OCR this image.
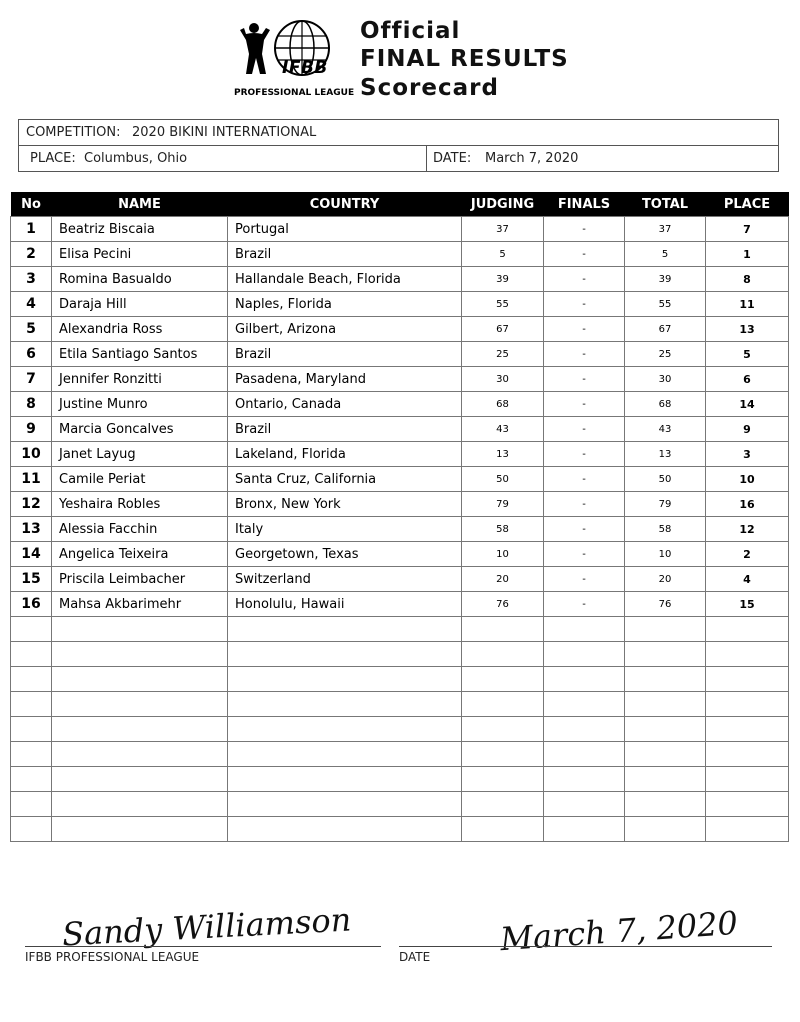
IFBB
PROFESSIONAL LEAGUE
Official
FINAL RESULTS
Scorecard
COMPETITION: 2020 BIKINI INTERNATIONAL
PLACE: Columbus, Ohio	DATE: March 7, 2020
No	NAME	COUNTRY	JUDGING	FINALS	TOTAL	PLACE
1	Beatriz Biscaia	Portugal	37	-	37	7
2	Elisa Pecini	Brazil	5	-	5	1
3	Romina Basualdo	Hallandale Beach, Florida	39	-	39	8
4	Daraja Hill	Naples, Florida	55	-	55	11
5	Alexandria Ross	Gilbert, Arizona	67	-	67	13
6	Etila Santiago Santos	Brazil	25	-	25	5
7	Jennifer Ronzitti	Pasadena, Maryland	30	-	30	6
8	Justine Munro	Ontario, Canada	68	-	68	14
9	Marcia Goncalves	Brazil	43	-	43	9
10	Janet Layug	Lakeland, Florida	13	-	13	3
11	Camile Periat	Santa Cruz, California	50	-	50	10
12	Yeshaira Robles	Bronx, New York	79	-	79	16
13	Alessia Facchin	Italy	58	-	58	12
14	Angelica Teixeira	Georgetown, Texas	10	-	10	2
15	Priscila Leimbacher	Switzerland	20	-	20	4
16	Mahsa Akbarimehr	Honolulu, Hawaii	76	-	76	15

Sandy Williamson
IFBB PROFESSIONAL LEAGUE	March 7, 2020
DATE
